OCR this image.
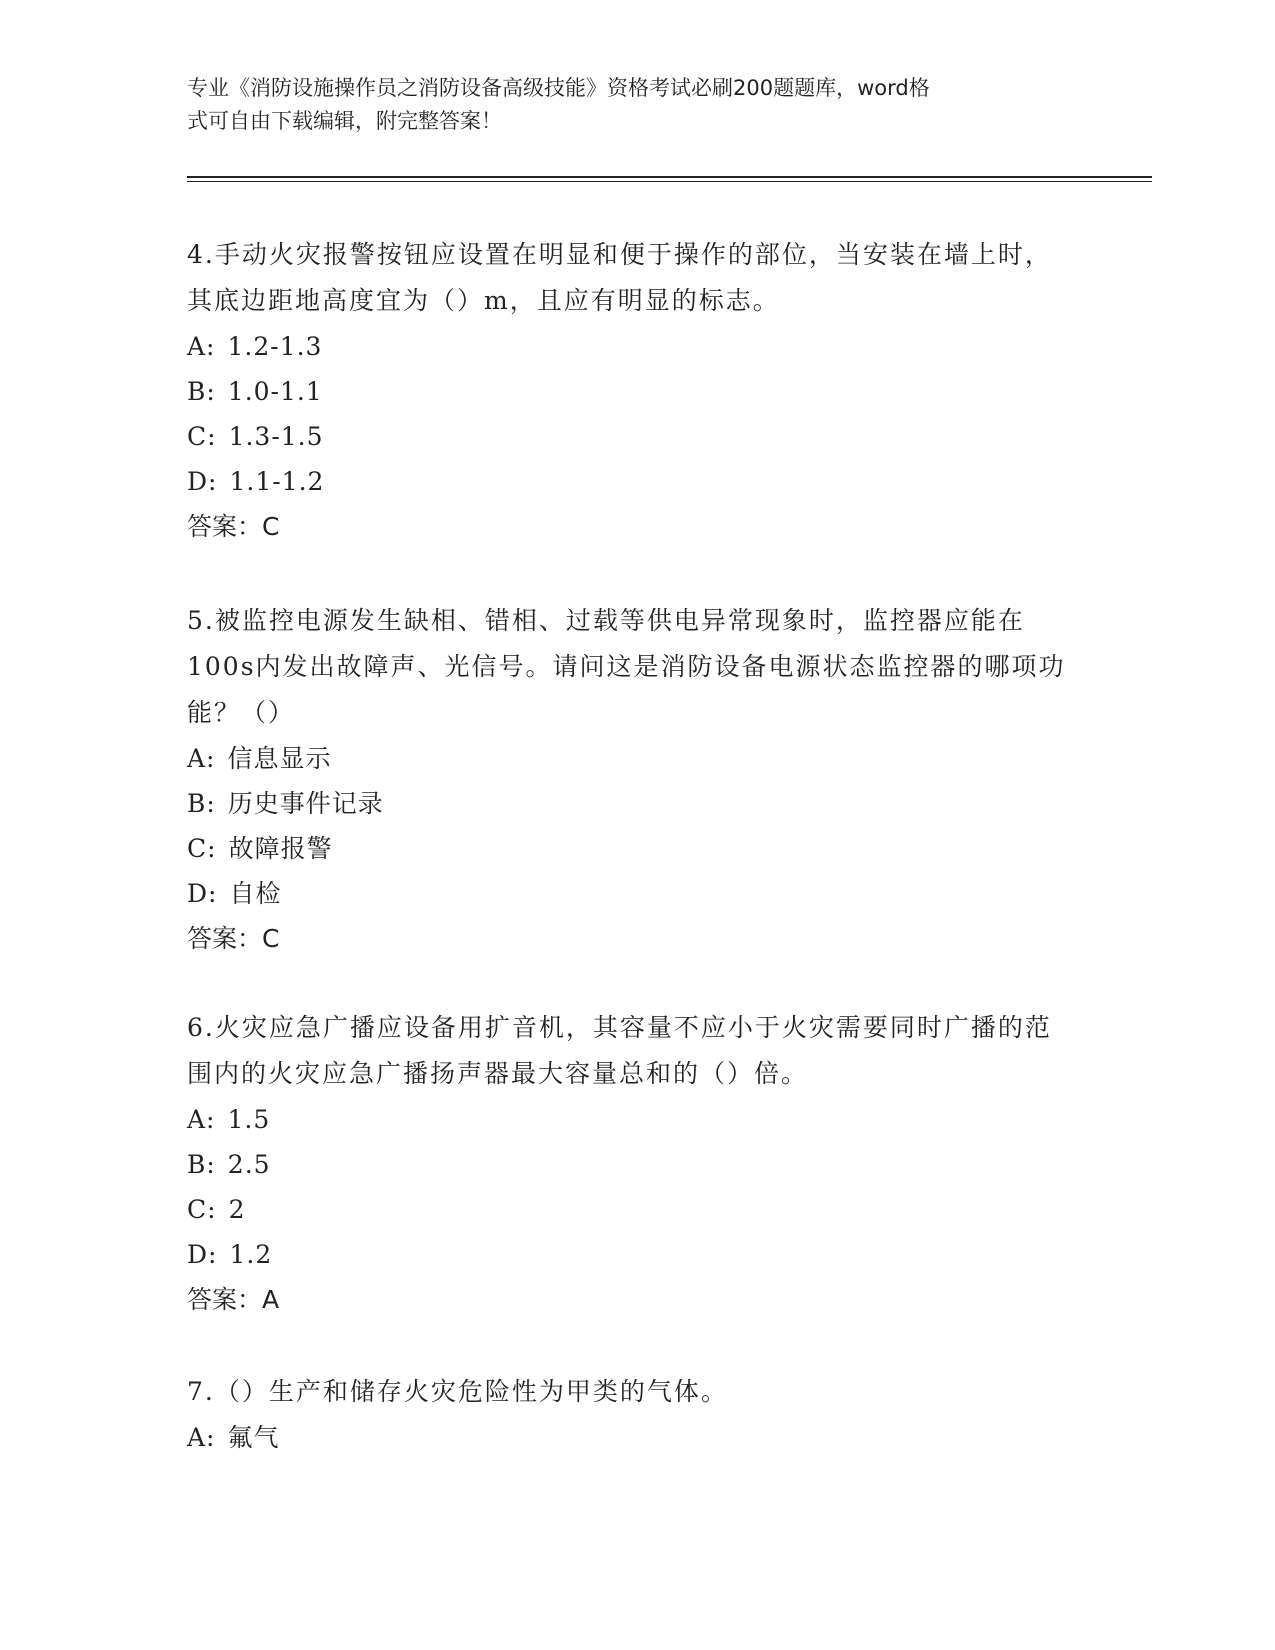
专业《消防设施操作员之消防设备高级技能》资格考试必刷200题题库，word格
式可自由下载编辑，附完整答案！

4.手动火灾报警按钮应设置在明显和便于操作的部位，当安装在墙上时，其底边距地高度宜为（）m，且应有明显的标志。

A: 1.2-1.3
B: 1.0-1.1
C: 1.3-1.5
D: 1.1-1.2
答案：C

5.被监控电源发生缺相、错相、过载等供电异常现象时，监控器应能在100s内发出故障声、光信号。请问这是消防设备电源状态监控器的哪项功能？（）

A: 信息显示
B: 历史事件记录
C: 故障报警
D: 自检
答案：C

6.火灾应急广播应设备用扩音机，其容量不应小于火灾需要同时广播的范围内的火灾应急广播扬声器最大容量总和的（）倍。

A: 1.5
B: 2.5
C: 2
D: 1.2
答案：A

7.（）生产和储存火灾危险性为甲类的气体。

A: 氟气
